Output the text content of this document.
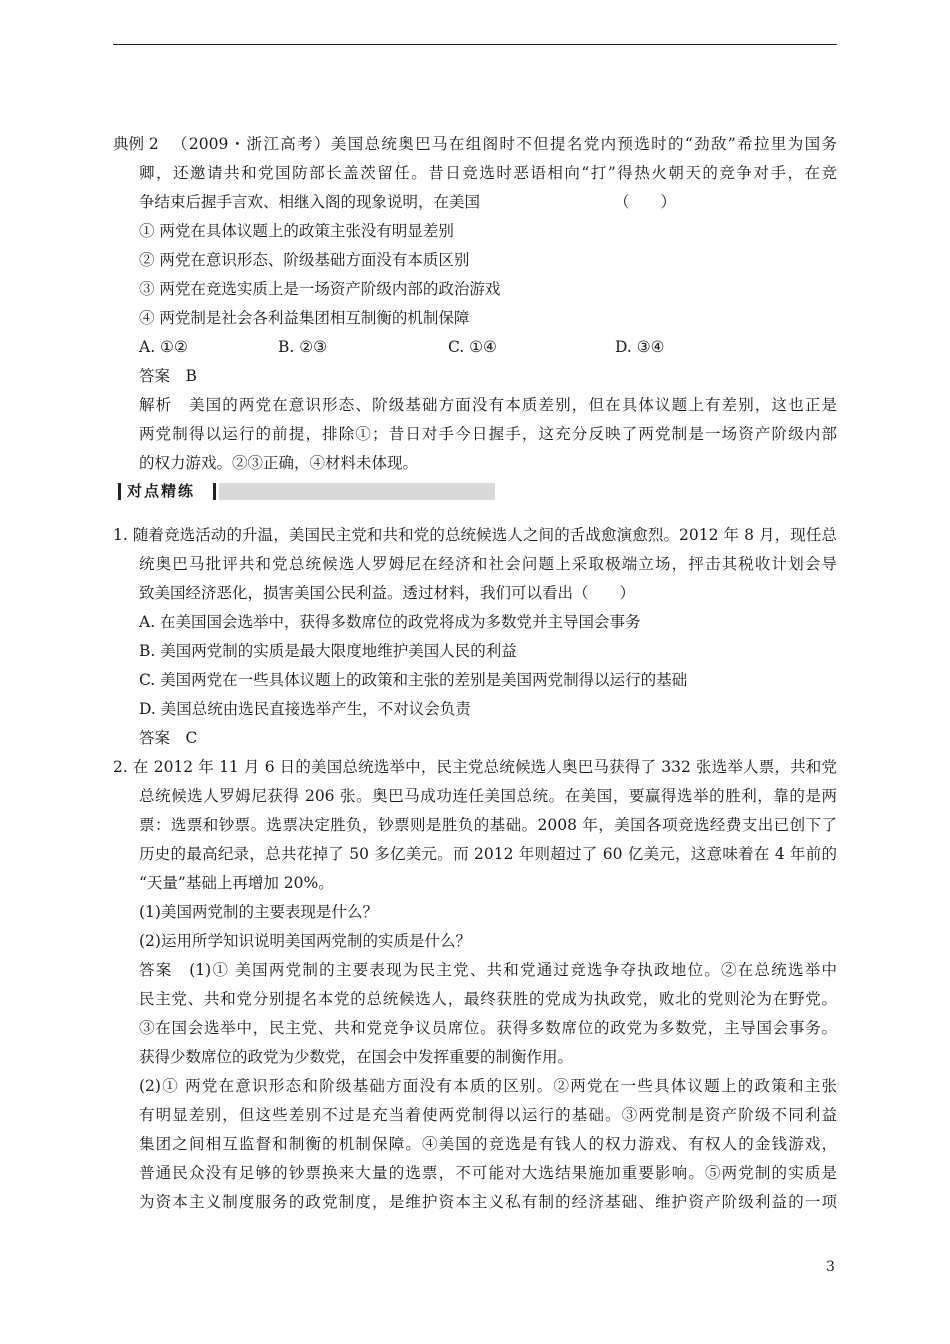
典例 2 （2009・浙江高考）美国总统奥巴马在组阁时不但提名党内预选时的“劲敌”希拉里为国务
卿，还邀请共和党国防部长盖茨留任。昔日竞选时恶语相向“打”得热火朝天的竞争对手，在竞
争结束后握手言欢、相继入阁的现象说明，在美国	（　　）
① 两党在具体议题上的政策主张没有明显差别
② 两党在意识形态、阶级基础方面没有本质区别
③ 两党在竞选实质上是一场资产阶级内部的政治游戏
④ 两党制是社会各利益集团相互制衡的机制保障
A. ①②	B. ②③	C. ①④	D. ③④
答案　B
解析　美国的两党在意识形态、阶级基础方面没有本质差别，但在具体议题上有差别，这也正是
两党制得以运行的前提，排除①；昔日对手今日握手，这充分反映了两党制是一场资产阶级内部
的权力游戏。②③正确，④材料未体现。
对点精练
1. 随着竞选活动的升温，美国民主党和共和党的总统候选人之间的舌战愈演愈烈。2012 年 8 月，现任总
统奥巴马批评共和党总统候选人罗姆尼在经济和社会问题上采取极端立场，抨击其税收计划会导
致美国经济恶化，损害美国公民利益。透过材料，我们可以看出（　　）
A. 在美国国会选举中，获得多数席位的政党将成为多数党并主导国会事务
B. 美国两党制的实质是最大限度地维护美国人民的利益
C. 美国两党在一些具体议题上的政策和主张的差别是美国两党制得以运行的基础
D. 美国总统由选民直接选举产生，不对议会负责
答案　C
2. 在 2012 年 11 月 6 日的美国总统选举中，民主党总统候选人奥巴马获得了 332 张选举人票，共和党
总统候选人罗姆尼获得 206 张。奥巴马成功连任美国总统。在美国，要赢得选举的胜利，靠的是两
票：选票和钞票。选票决定胜负，钞票则是胜负的基础。2008 年，美国各项竞选经费支出已创下了
历史的最高纪录，总共花掉了 50 多亿美元。而 2012 年则超过了 60 亿美元，这意味着在 4 年前的
“天量”基础上再增加 20%。
(1)美国两党制的主要表现是什么？
(2)运用所学知识说明美国两党制的实质是什么？
答案　(1)① 美国两党制的主要表现为民主党、共和党通过竞选争夺执政地位。②在总统选举中
民主党、共和党分别提名本党的总统候选人，最终获胜的党成为执政党，败北的党则沦为在野党。
③在国会选举中，民主党、共和党竞争议员席位。获得多数席位的政党为多数党，主导国会事务。
获得少数席位的政党为少数党，在国会中发挥重要的制衡作用。
(2)① 两党在意识形态和阶级基础方面没有本质的区别。②两党在一些具体议题上的政策和主张
有明显差别，但这些差别不过是充当着使两党制得以运行的基础。③两党制是资产阶级不同利益
集团之间相互监督和制衡的机制保障。④美国的竞选是有钱人的权力游戏、有权人的金钱游戏，
普通民众没有足够的钞票换来大量的选票，不可能对大选结果施加重要影响。⑤两党制的实质是
为资本主义制度服务的政党制度，是维护资本主义私有制的经济基础、维护资产阶级利益的一项
3
